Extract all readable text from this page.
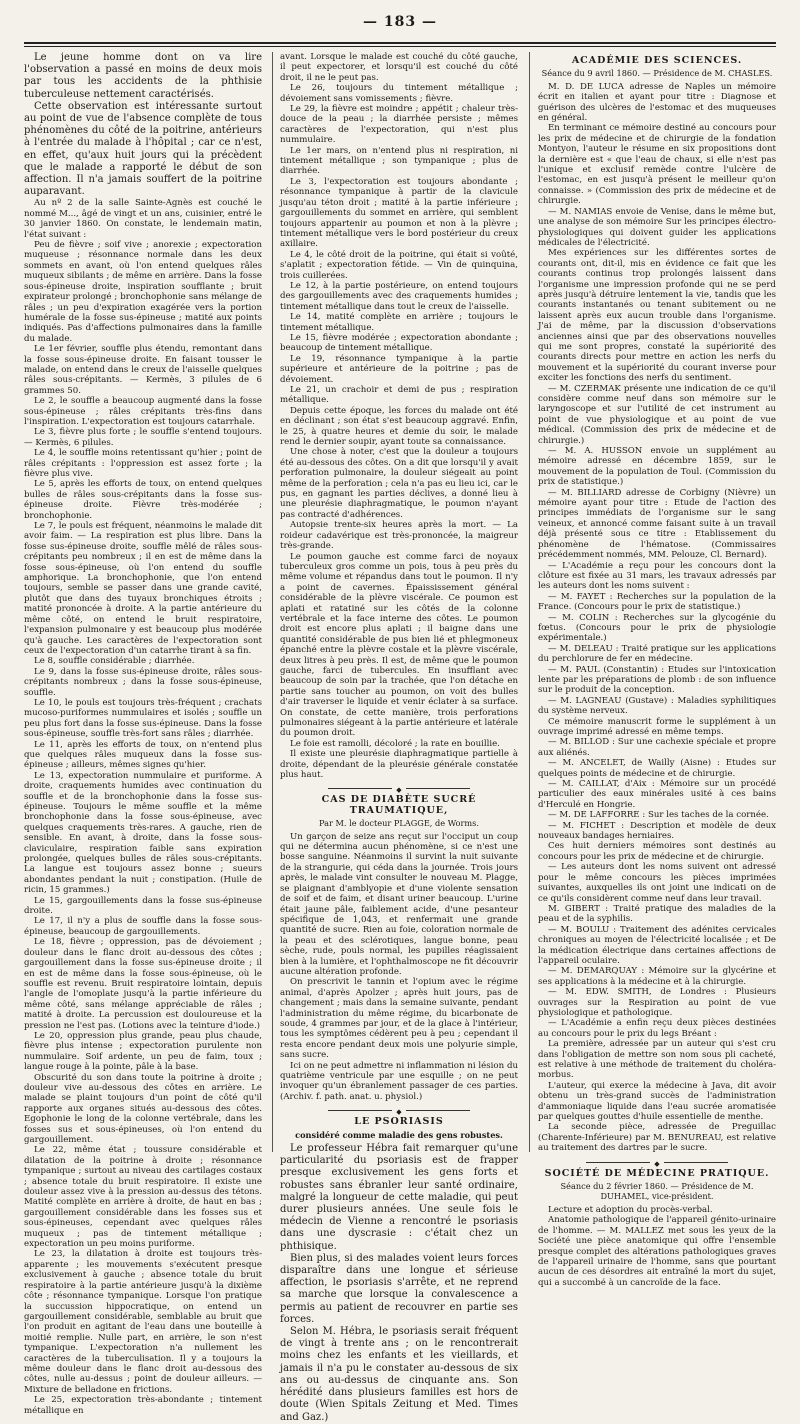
— 183 —

Le jeune homme dont on va lire l'observation a passé en moins de deux mois par tous les accidents de la phthisie tuberculeuse nettement caractérisés.

Cette observation est intéressante surtout au point de vue de l'absence complète de tous phénomènes du côté de la poitrine, antérieurs à l'entrée du malade à l'hôpital ; car ce n'est, en effet, qu'aux huit jours qui la précèdent que le malade a rapporté le début de son affection. Il n'a jamais souffert de la poitrine auparavant.

Au nº 2 de la salle Sainte-Agnès est couché le nommé M..., âgé de vingt et un ans, cuisinier, entré le 30 janvier 1860. On constate, le lendemain matin, l'état suivant :

Peu de fièvre ; soif vive ; anorexie ; expectoration muqueuse ; résonnance normale dans les deux sommets en avant, où l'on entend quelques râles muqueux sibilants ; de même en arrière. Dans la fosse sous-épineuse droite, inspiration soufflante ; bruit expirateur prolongé ; bronchophonie sans mélange de râles ; un peu d'expiration exagérée vers la portion humérale de la fosse sus-épineuse ; matité aux points indiqués. Pas d'affections pulmonaires dans la famille du malade.

Le 1er février, souffle plus étendu, remontant dans la fosse sous-épineuse droite. En faisant tousser le malade, on entend dans le creux de l'aisselle quelques râles sous-crépitants. — Kermès, 3 pilules de 6 grammes 50.

Le 2, le souffle a beaucoup augmenté dans la fosse sous-épineuse ; râles crépitants très-fins dans l'inspiration. L'expectoration est toujours catarrhale.

Le 3, fièvre plus forte ; le souffle s'entend toujours. — Kermès, 6 pilules.

Le 4, le souffle moins retentissant qu'hier ; point de râles crépitants : l'oppression est assez forte ; la fièvre plus vive.

Le 5, après les efforts de toux, on entend quelques bulles de râles sous-crépitants dans la fosse sus-épineuse droite. Fièvre très-modérée ; bronchophonie.

Le 7, le pouls est fréquent, néanmoins le malade dit avoir faim. — La respiration est plus libre. Dans la fosse sus-épineuse droite, souffle mêlé de râles sous-crépitants peu nombreux ; il en est de même dans la fosse sous-épineuse, où l'on entend du souffle amphorique. La bronchophonie, que l'on entend toujours, semble se passer dans une grande cavité, plutôt que dans des tuyaux bronchiques étroits ; matité prononcée à droite. A la partie antérieure du même côté, on entend le bruit respiratoire, l'expansion pulmonaire y est beaucoup plus modérée qu'à gauche. Les caractères de l'expectoration sont ceux de l'expectoration d'un catarrhe tirant à sa fin.

Le 8, souffle considérable ; diarrhée.

Le 9, dans la fosse sus-épineuse droite, râles sous-crépitants nombreux ; dans la fosse sous-épineuse, souffle.

Le 10, le pouls est toujours très-fréquent ; crachats mucoso-puriformes nummulaires et isolés ; souffle un peu plus fort dans la fosse sus-épineuse. Dans la fosse sous-épineuse, souffle très-fort sans râles ; diarrhée.

Le 11, après les efforts de toux, on n'entend plus que quelques râles muqueux dans la fosse sus-épineuse ; ailleurs, mêmes signes qu'hier.

Le 13, expectoration nummulaire et puriforme. A droite, craquements humides avec continuation du souffle et de la bronchophonie dans la fosse sus-épineuse. Toujours le même souffle et la même bronchophonie dans la fosse sous-épineuse, avec quelques craquements très-rares. A gauche, rien de sensible. En avant, à droite, dans la fosse sous-claviculaire, respiration faible sans expiration prolongée, quelques bulles de râles sous-crépitants. La langue est toujours assez bonne ; sueurs abondantes pendant la nuit ; constipation. (Huile de ricin, 15 grammes.)

Le 15, gargouillements dans la fosse sus-épineuse droite.

Le 17, il n'y a plus de souffle dans la fosse sous-épineuse, beaucoup de gargouillements.

Le 18, fièvre ; oppression, pas de dévoiement ; douleur dans le flanc droit au-dessous des côtes ; gargouillement dans la fosse sus-épineuse droite ; il en est de même dans la fosse sous-épineuse, où le souffle est revenu. Bruit respiratoire lointain, depuis l'angle de l'omoplate jusqu'à la partie inférieure du même côté, sans mélange appréciable de râles ; matité à droite. La percussion est douloureuse et la pression ne l'est pas. (Lotions avec la teinture d'iode.)

Le 20, oppression plus grande, peau plus chaude, fièvre plus intense ; expectoration purulente non nummulaire. Soif ardente, un peu de faim, toux ; langue rouge à la pointe, pâle à la base.

Obscurité du son dans toute la poitrine à droite ; douleur vive au-dessous des côtes en arrière. Le malade se plaint toujours d'un point de côté qu'il rapporte aux organes situés au-dessous des côtes. Egophonie le long de la colonne vertébrale, dans les fosses sus et sous-épineuses, où l'on entend du gargouillement.

Le 22, même état ; toussure considérable et dilatation de la poitrine à droite ; résonnance tympanique ; surtout au niveau des cartilages costaux ; absence totale du bruit respiratoire. Il existe une douleur assez vive à la pression au-dessus des tétons. Matité complète en arrière à droite, de haut en bas ; gargouillement considérable dans les fosses sus et sous-épineuses, cependant avec quelques râles muqueux ; pas de tintement métallique ; expectoration un peu moins puriforme.

Le 23, la dilatation à droite est toujours très-apparente ; les mouvements s'exécutent presque exclusivement à gauche ; absence totale du bruit respiratoire à la partie antérieure jusqu'à la dixième côte ; résonnance tympanique. Lorsque l'on pratique la succussion hippocratique, on entend un gargouillement considérable, semblable au bruit que l'on produit en agitant de l'eau dans une bouteille à moitié remplie. Nulle part, en arrière, le son n'est tympanique. L'expectoration n'a nullement les caractères de la tuberculisation. Il y a toujours la même douleur dans le flanc droit au-dessous des côtes, nulle au-dessus ; point de douleur ailleurs. — Mixture de belladone en frictions.

Le 25, expectoration très-abondante ; tintement métallique en

avant. Lorsque le malade est couché du côté gauche, il peut expectorer, et lorsqu'il est couché du côté droit, il ne le peut pas.

Le 26, toujours du tintement métallique ; dévoiement sans vomissements ; fièvre.

Le 29, la fièvre est moindre ; appétit ; chaleur très-douce de la peau ; la diarrhée persiste ; mêmes caractères de l'expectoration, qui n'est plus nummulaire.

Le 1er mars, on n'entend plus ni respiration, ni tintement métallique ; son tympanique ; plus de diarrhée.

Le 3, l'expectoration est toujours abondante ; résonnance tympanique à partir de la clavicule jusqu'au téton droit ; matité à la partie inférieure ; gargouillements du sommet en arrière, qui semblent toujours appartenir au poumon et non à la plèvre ; tintement métallique vers le bord postérieur du creux axillaire.

Le 4, le côté droit de la poitrine, qui était si voûté, s'aplatit ; expectoration fétide. — Vin de quinquina, trois cuillerées.

Le 12, à la partie postérieure, on entend toujours des gargouillements avec des craquements humides ; tintement métallique dans tout le creux de l'aisselle.

Le 14, matité complète en arrière ; toujours le tintement métallique.

Le 15, fièvre modérée ; expectoration abondante ; beaucoup de tintement métallique.

Le 19, résonnance tympanique à la partie supérieure et antérieure de la poitrine ; pas de dévoiement.

Le 21, un crachoir et demi de pus ; respiration métallique.

Depuis cette époque, les forces du malade ont été en déclinant ; son état s'est beaucoup aggravé. Enfin, le 25, à quatre heures et demie du soir, le malade rend le dernier soupir, ayant toute sa connaissance.

Une chose à noter, c'est que la douleur a toujours été au-dessous des côtes. On a dit que lorsqu'il y avait perforation pulmonaire, la douleur siégeait au point même de la perforation ; cela n'a pas eu lieu ici, car le pus, en gagnant les parties déclives, a donné lieu à une pleurésie diaphragmatique, le poumon n'ayant pas contracté d'adhérences.

Autopsie trente-six heures après la mort. — La roideur cadavérique est très-prononcée, la maigreur très-grande.

Le poumon gauche est comme farci de noyaux tuberculeux gros comme un pois, tous à peu près du même volume et répandus dans tout le poumon. Il n'y a point de cavernes. Épaississement général considérable de la plèvre viscérale. Ce poumon est aplati et ratatiné sur les côtés de la colonne vertébrale et la face interne des côtes. Le poumon droit est encore plus aplati ; il baigne dans une quantité considérable de pus bien lié et phlegmoneux épanché entre la plèvre costale et la plèvre viscérale, deux litres à peu près. Il est, de même que le poumon gauche, farci de tubercules. En insufflant avec beaucoup de soin par la trachée, que l'on détache en partie sans toucher au poumon, on voit des bulles d'air traverser le liquide et venir éclater à sa surface. On constate, de cette manière, trois perforations pulmonaires siégeant à la partie antérieure et latérale du poumon droit.

Le foie est ramolli, décoloré ; la rate en bouillie.

Il existe une pleurésie diaphragmatique partielle à droite, dépendant de la pleurésie générale constatée plus haut.

◆
CAS DE DIABÈTE SUCRÉ TRAUMATIQUE,
Par M. le docteur PLAGGE, de Worms.

Un garçon de seize ans reçut sur l'occiput un coup qui ne détermina aucun phénomène, si ce n'est une bosse sanguine. Néanmoins il survint la nuit suivante de la strangurie, qui céda dans la journée. Trois jours après, le malade vint consulter le nouveau M. Plagge, se plaignant d'amblyopie et d'une violente sensation de soif et de faim, et disant uriner beaucoup. L'urine était jaune pâle, faiblement acide, d'une pesanteur spécifique de 1,043, et renfermait une grande quantité de sucre. Rien au foie, coloration normale de la peau et des sclérotiques, langue bonne, peau sèche, rude, pouls normal, les pupilles réagissaient bien à la lumière, et l'ophthalmoscope ne fit découvrir aucune altération profonde.

On prescrivit le tannin et l'opium avec le régime animal, d'après Apolzer ; après huit jours, pas de changement ; mais dans la semaine suivante, pendant l'administration du même régime, du bicarbonate de soude, 4 grammes par jour, et de la glace à l'intérieur, tous les symptômes cédèrent peu à peu ; cependant il resta encore pendant deux mois une polyurie simple, sans sucre.

Ici on ne peut admettre ni inflammation ni lésion du quatrième ventricule par une esquille ; on ne peut invoquer qu'un ébranlement passager de ces parties. (Archiv. f. path. anat. u. physiol.)

◆
LE PSORIASIS
considéré comme maladie des gens robustes.

Le professeur Hébra fait remarquer qu'une particularité du psoriasis est de frapper presque exclusivement les gens forts et robustes sans ébranler leur santé ordinaire, malgré la longueur de cette maladie, qui peut durer plusieurs années. Une seule fois le médecin de Vienne a rencontré le psoriasis dans une dyscrasie : c'était chez un phthisique.

Bien plus, si des malades voient leurs forces disparaître dans une longue et sérieuse affection, le psoriasis s'arrête, et ne reprend sa marche que lorsque la convalescence a permis au patient de recouvrer en partie ses forces.

Selon M. Hébra, le psoriasis serait fréquent de vingt à trente ans ; on le rencontrerait moins chez les enfants et les vieillards, et jamais il n'a pu le constater au-dessous de six ans ou au-dessus de cinquante ans. Son hérédité dans plusieurs familles est hors de doute (Wien Spitals Zeitung et Med. Times and Gaz.)

ACADÉMIE DES SCIENCES.
Séance du 9 avril 1860. — Présidence de M. CHASLES.

M. D. DE LUCA adresse de Naples un mémoire écrit en italien et ayant pour titre : Diagnose et guérison des ulcères de l'estomac et des muqueuses en général.

En terminant ce mémoire destiné au concours pour les prix de médecine et de chirurgie de la fondation Montyon, l'auteur le résume en six propositions dont la dernière est « que l'eau de chaux, si elle n'est pas l'unique et exclusif remède contre l'ulcère de l'estomac, en est jusqu'à présent le meilleur qu'on connaisse. » (Commission des prix de médecine et de chirurgie.

— M. NAMIAS envoie de Venise, dans le même but, une analyse de son mémoire Sur les principes électro-physiologiques qui doivent guider les applications médicales de l'électricité.

Mes expériences sur les différentes sortes de courants ont, dit-il, mis en évidence ce fait que les courants continus trop prolongés laissent dans l'organisme une impression profonde qui ne se perd après jusqu'à détruire lentement la vie, tandis que les courants instantanés ou tenant subitement ou ne laissent après eux aucun trouble dans l'organisme. J'ai de même, par la discussion d'observations anciennes ainsi que par des observations nouvelles qui me sont propres, constaté la supériorité des courants directs pour mettre en action les nerfs du mouvement et la supériorité du courant inverse pour exciter les fonctions des nerfs du sentiment.

— M. CZERMAK présente une indication de ce qu'il considère comme neuf dans son mémoire sur le laryngoscope et sur l'utilité de cet instrument au point de vue physiologique et au point de vue médical. (Commission des prix de médecine et de chirurgie.)

— M. A. HUSSON envoie un supplément au mémoire adressé en décembre 1859, sur le mouvement de la population de Toul. (Commission du prix de statistique.)

— M. BILLIARD adresse de Corbigny (Nièvre) un mémoire ayant pour titre : Etude de l'action des principes immédiats de l'organisme sur le sang veineux, et annoncé comme faisant suite à un travail déjà présenté sous ce titre : Etablissement du phénomène de l'hématose. (Commissaires précédemment nommés, MM. Pelouze, Cl. Bernard).

— L'Académie a reçu pour les concours dont la clôture est fixée au 31 mars, les travaux adressés par les auteurs dont les noms suivent :

— M. FAYET : Recherches sur la population de la France. (Concours pour le prix de statistique.)

— M. COLIN : Recherches sur la glycogénie du fœtus. (Concours pour le prix de physiologie expérimentale.)

— M. DELEAU : Traité pratique sur les applications du perchlorure de fer en médecine.

— M. PAUL (Constantin) : Etudes sur l'intoxication lente par les préparations de plomb : de son influence sur le produit de la conception.

— M. LAGNEAU (Gustave) : Maladies syphilitiques du système nerveux.

Ce mémoire manuscrit forme le supplément à un ouvrage imprimé adressé en même temps.

— M. BILLOD : Sur une cachexie spéciale et propre aux aliénés.

— M. ANCELET, de Wailly (Aisne) : Etudes sur quelques points de médecine et de chirurgie.

— M. CAILLAT, d'Aix : Mémoire sur un procédé particulier des eaux minérales usité à ces bains d'Herculé en Hongrie.

— M. DE LAFFORRE : Sur les taches de la cornée.

— M. FICHET : Description et modèle de deux nouveaux bandages herniaires.

Ces huit derniers mémoires sont destinés au concours pour les prix de médecine et de chirurgie.

— Les auteurs dont les noms suivent ont adressé pour le même concours les pièces imprimées suivantes, auxquelles ils ont joint une indicati on de ce qu'ils considèrent comme neuf dans leur travail.

M. GIBERT : Traité pratique des maladies de la peau et de la syphilis.

— M. BOULU : Traitement des adénites cervicales chroniques au moyen de l'électricité localisée ; et De la médication électrique dans certaines affections de l'appareil oculaire.

— M. DEMARQUAY : Mémoire sur la glycérine et ses applications à la médecine et à la chirurgie.

— M. EDW. SMITH, de Londres : Plusieurs ouvrages sur la Respiration au point de vue physiologique et pathologique.

— L'Académie a enfin reçu deux pièces destinées au concours pour le prix du legs Bréant :

La première, adressée par un auteur qui s'est cru dans l'obligation de mettre son nom sous pli cacheté, est relative à une méthode de traitement du choléra-morbus.

L'auteur, qui exerce la médecine à Java, dit avoir obtenu un très-grand succès de l'administration d'ammoniaque liquide dans l'eau sucrée aromatisée par quelques gouttes d'huile essentielle de menthe.

La seconde pièce, adressée de Preguillac (Charente-Inférieure) par M. BENUREAU, est relative au traitement des dartres par le sucre.

◆
SOCIÉTÉ DE MÉDECINE PRATIQUE.
Séance du 2 février 1860. — Présidence de M. DUHAMEL, vice-président.

Lecture et adoption du procès-verbal.

Anatomie pathologique de l'appareil génito-urinaire de l'homme. — M. MALLEZ met sous les yeux de la Société une pièce anatomique qui offre l'ensemble presque complet des altérations pathologiques graves de l'appareil urinaire de l'homme, sans que pourtant aucun de ces désordres ait entraîné la mort du sujet, qui a succombé à un cancroïde de la face.
